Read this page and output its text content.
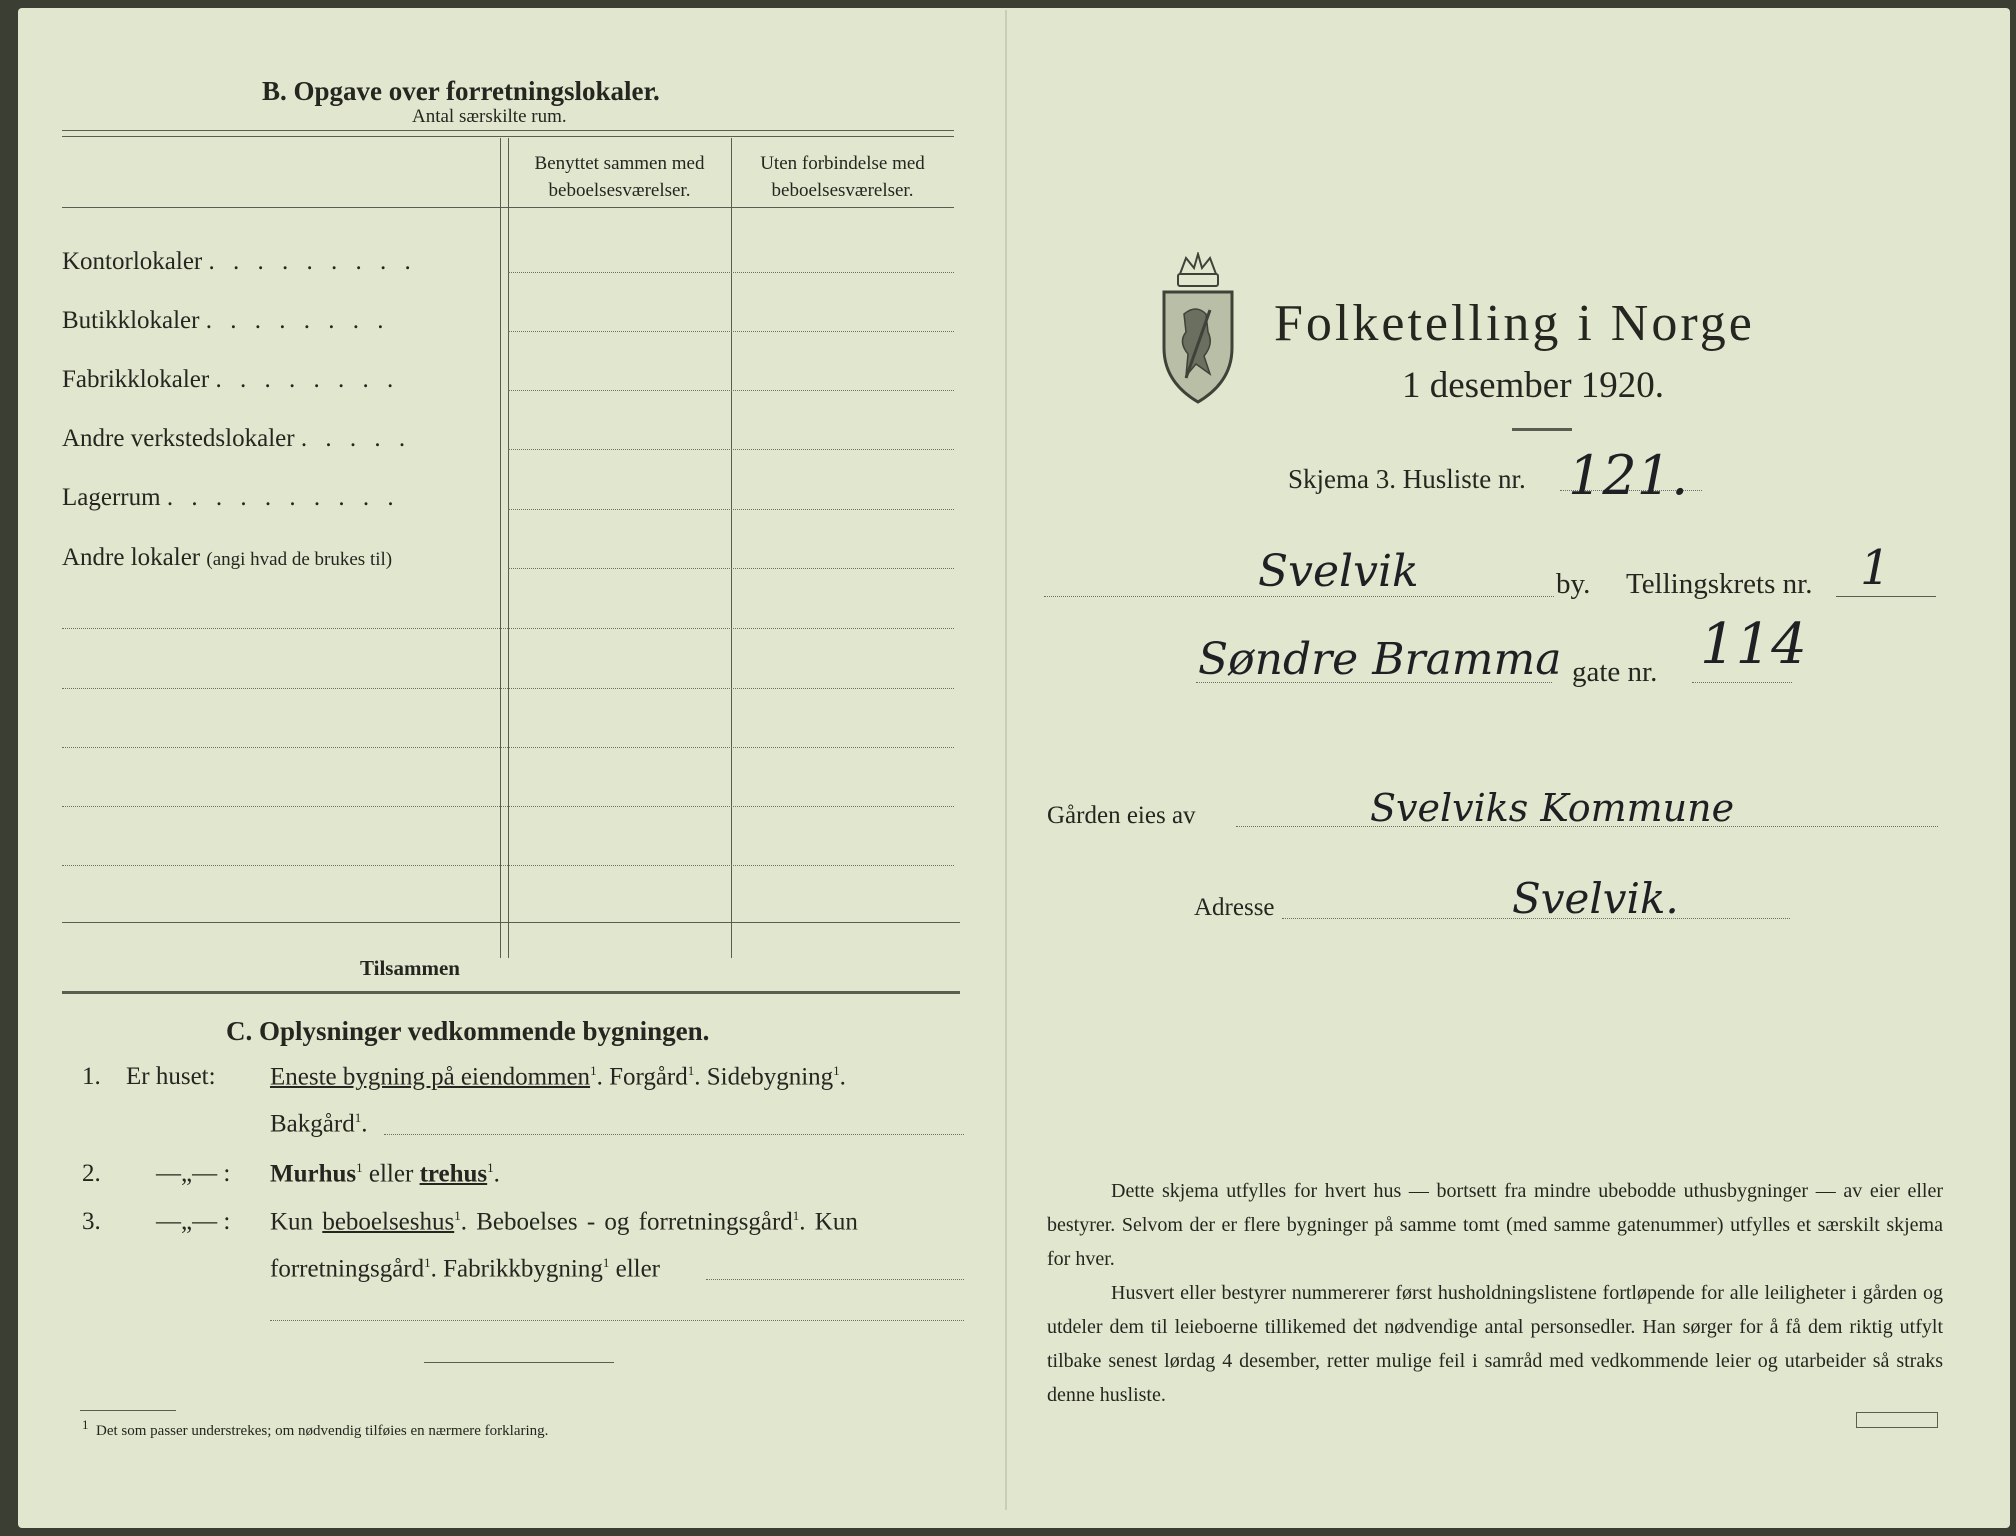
B. Opgave over forretningslokaler.
Antal særskilte rum.
Benyttet sammen med
beboelsesværelser.
Uten forbindelse med
beboelsesværelser.
Kontorlokaler . . . . . . . . .
Butikklokaler . . . . . . . .
Fabrikklokaler . . . . . . . .
Andre verkstedslokaler . . . . .
Lagerrum . . . . . . . . . .
Andre lokaler (angi hvad de brukes til)
Tilsammen
C. Oplysninger vedkommende bygningen.
1. Er huset: Eneste bygning på eiendommen$^1$. Forgård$^1$. Sidebygning$^1$.
Bakgård$^1$.
2. —„— : Murhus$^1$ eller trehus$^1$.
3. —„— : Kun beboelseshus$^1$. Beboelses - og forretningsgård$^1$. Kun
forretningsgård$^1$. Fabrikkbygning$^1$ eller
$^1$ Det som passer understrekes; om nødvendig tilføies en nærmere forklaring.
Folketelling i Norge
1 desember 1920.
Skjema 3. Husliste nr. 121.
Svelvik	by. Tellingskrets nr. 1
Søndre Bramma gate nr. 114
Gården eies av	Svelviks Kommune
Adresse	Svelvik.
Dette skjema utfylles for hvert hus — bortsett fra mindre ubebodde uthusbygninger — av eier eller bestyrer. Selvom der er flere bygninger på samme tomt (med samme gatenummer) utfylles et særskilt skjema for hver.
Husvert eller bestyrer nummererer først husholdningslistene fortløpende for alle leiligheter i gården og utdeler dem til leieboerne tillikemed det nødvendige antal personsedler. Han sørger for å få dem riktig utfylt tilbake senest lørdag 4 desember, retter mulige feil i samråd med vedkommende leier og utarbeider så straks denne husliste.
